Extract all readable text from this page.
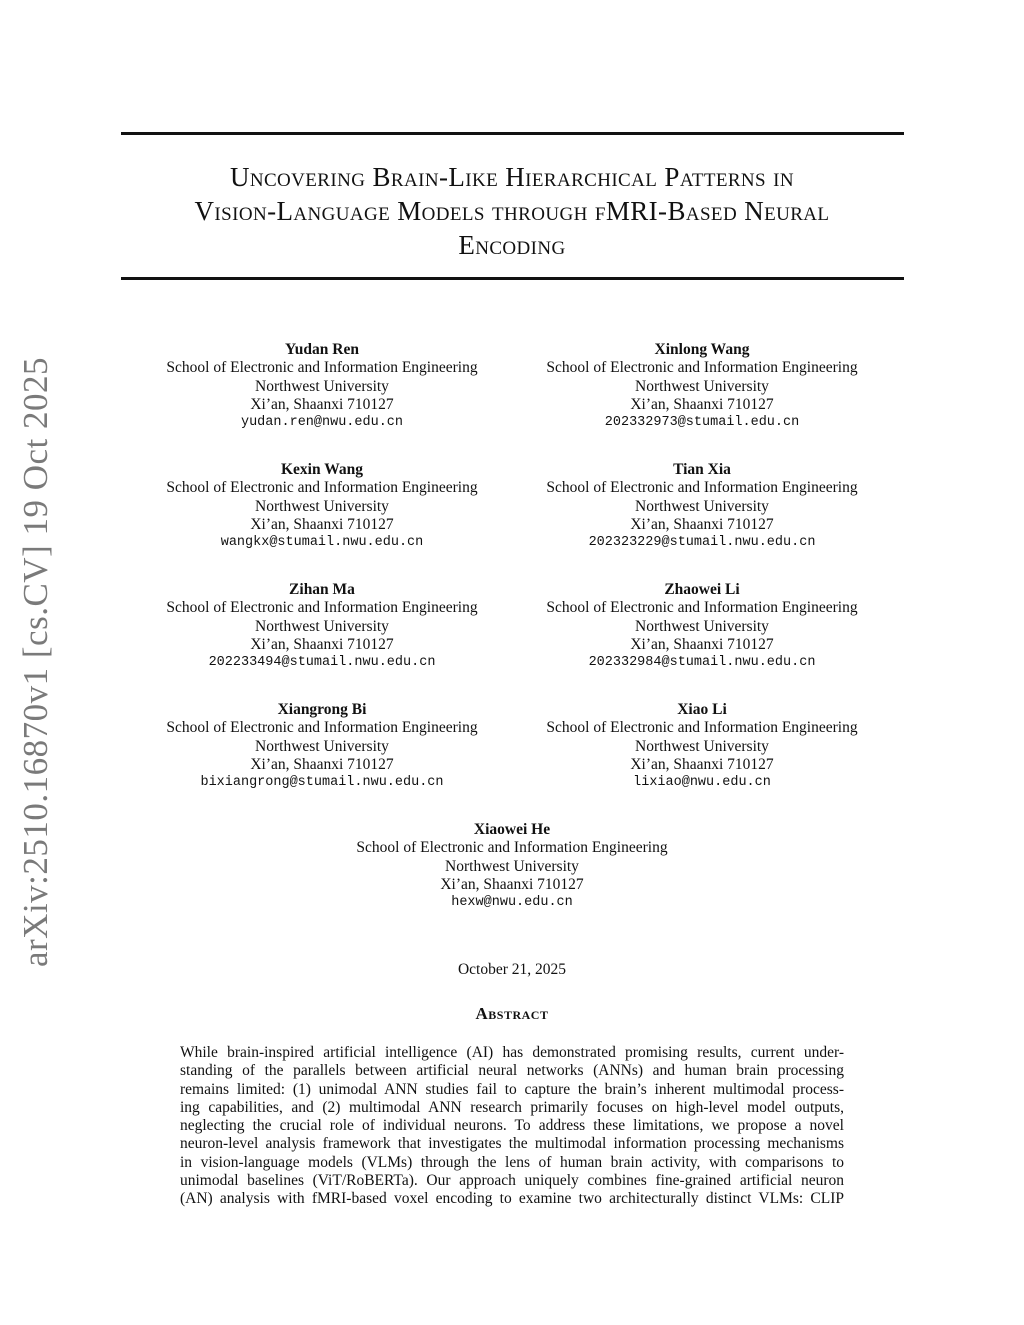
Uncovering Brain-Like Hierarchical Patterns in
Vision-Language Models through fMRI-Based Neural
Encoding
arXiv:2510.16870v1 [cs.CV] 19 Oct 2025
Yudan Ren
School of Electronic and Information Engineering
Northwest University
Xi’an, Shaanxi 710127
yudan.ren@nwu.edu.cn
Xinlong Wang
School of Electronic and Information Engineering
Northwest University
Xi’an, Shaanxi 710127
202332973@stumail.edu.cn
Kexin Wang
School of Electronic and Information Engineering
Northwest University
Xi’an, Shaanxi 710127
wangkx@stumail.nwu.edu.cn
Tian Xia
School of Electronic and Information Engineering
Northwest University
Xi’an, Shaanxi 710127
202323229@stumail.nwu.edu.cn
Zihan Ma
School of Electronic and Information Engineering
Northwest University
Xi’an, Shaanxi 710127
202233494@stumail.nwu.edu.cn
Zhaowei Li
School of Electronic and Information Engineering
Northwest University
Xi’an, Shaanxi 710127
202332984@stumail.nwu.edu.cn
Xiangrong Bi
School of Electronic and Information Engineering
Northwest University
Xi’an, Shaanxi 710127
bixiangrong@stumail.nwu.edu.cn
Xiao Li
School of Electronic and Information Engineering
Northwest University
Xi’an, Shaanxi 710127
lixiao@nwu.edu.cn
Xiaowei He
School of Electronic and Information Engineering
Northwest University
Xi’an, Shaanxi 710127
hexw@nwu.edu.cn
October 21, 2025
Abstract
While brain-inspired artificial intelligence (AI) has demonstrated promising results, current under-
standing of the parallels between artificial neural networks (ANNs) and human brain processing
remains limited: (1) unimodal ANN studies fail to capture the brain’s inherent multimodal process-
ing capabilities, and (2) multimodal ANN research primarily focuses on high-level model outputs,
neglecting the crucial role of individual neurons. To address these limitations, we propose a novel
neuron-level analysis framework that investigates the multimodal information processing mechanisms
in vision-language models (VLMs) through the lens of human brain activity, with comparisons to
unimodal baselines (ViT/RoBERTa). Our approach uniquely combines fine-grained artificial neuron
(AN) analysis with fMRI-based voxel encoding to examine two architecturally distinct VLMs: CLIP
